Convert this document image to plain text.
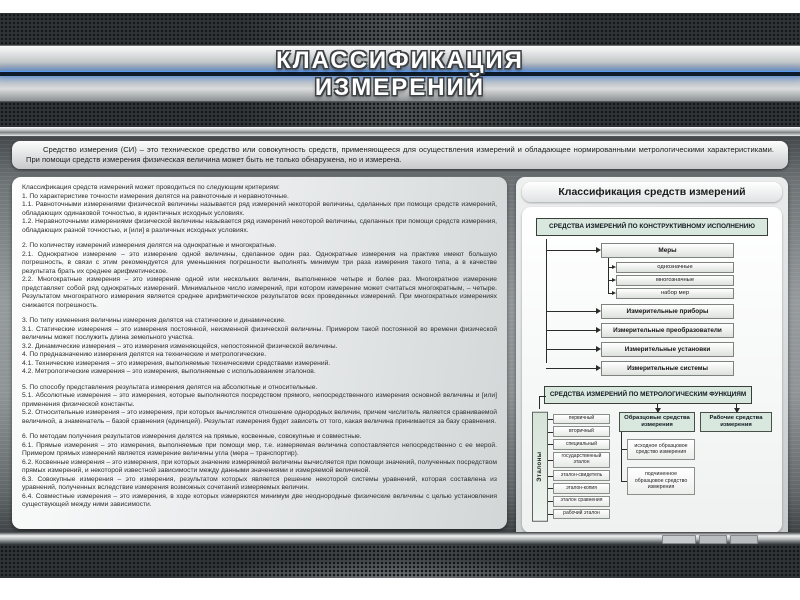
КЛАССИФИКАЦИЯ
ИЗМЕРЕНИЙ

Средство измерения (СИ) – это техническое средство или совокупность средств, применяющееся для осуществления измерений и обладающее нормированными метрологическими характеристиками. При помощи средств измерения физическая величина может быть не только обнаружена, но и измерена.

Классификация средств измерений может проводиться по следующим критериям:

1. По характеристике точности измерения делятся на равноточные и неравноточные.

1.1. Равноточными измерениями физической величины называется ряд измерений некоторой величины, сделанных при помощи средств измерений, обладающих одинаковой точностью, в идентичных исходных условиях.

1.2. Неравноточными измерениями физической величины называется ряд измерений некоторой величины, сделанных при помощи средств измерения, обладающих разной точностью, и [или] в различных исходных условиях.

2. По количеству измерений измерения делятся на однократные и многократные.

2.1. Однократное измерение – это измерение одной величины, сделанное один раз. Однократные измерения на практике имеют большую погрешность, в связи с этим рекомендуется для уменьшения погрешности выполнять минимум три раза измерения такого типа, а в качестве результата брать их среднее арифметическое.

2.2. Многократные измерения – это измерение одной или нескольких величин, выполненное четыре и более раз. Многократное измерение представляет собой ряд однократных измерений. Минимальное число измерений, при котором измерение может считаться многократным, – четыре. Результатом многократного измерения является среднее арифметическое результатов всех проведенных измерений. При многократных измерениях снижается погрешность.

3. По типу изменения величины измерения делятся на статические и динамические.

3.1. Статические измерения – это измерения постоянной, неизменной физической величины. Примером такой постоянной во времени физической величины может послужить длина земельного участка.

3.2. Динамические измерения – это измерения изменяющейся, непостоянной физической величины.

4. По предназначению измерения делятся на технические и метрологические.

4.1. Технические измерения – это измерения, выполняемые техническими средствами измерений.

4.2. Метрологические измерения – это измерения, выполняемые с использованием эталонов.

5. По способу представления результата измерения делятся на абсолютные и относительные.

5.1. Абсолютные измерения – это измерения, которые выполняются посредством прямого, непосредственного измерения основной величины и [или] применения физической константы.

5.2. Относительные измерения – это измерения, при которых вычисляется отношение однородных величин, причем числитель является сравниваемой величиной, а знаменатель – базой сравнения (единицей). Результат измерения будет зависеть от того, какая величина принимается за базу сравнения.

6. По методам получения результатов измерения делятся на прямые, косвенные, совокупные и совместные.

6.1. Прямые измерения – это измерения, выполняемые при помощи мер, т.е. измеряемая величина сопоставляется непосредственно с ее мерой. Примером прямых измерений является измерение величины угла (мера – транспортир).

6.2. Косвенные измерения – это измерения, при которых значение измеряемой величины вычисляется при помощи значений, полученных посредством прямых измерений, и некоторой известной зависимости между данными значениями и измеряемой величиной.

6.3. Совокупные измерения – это измерения, результатом которых является решение некоторой системы уравнений, которая составлена из уравнений, полученных вследствие измерения возможных сочетаний измеряемых величин.

6.4. Совместные измерения – это измерения, в ходе которых измеряются минимум две неоднородные физические величины с целью установления существующей между ними зависимости.

Классификация средств измерений
СРЕДСТВА ИЗМЕРЕНИЙ ПО КОНСТРУКТИВНОМУ ИСПОЛНЕНИЮ
Меры
однозначные
многозначные
набор мер
Измерительные приборы
Измерительные преобразователи
Измерительные установки
Измерительные системы
СРЕДСТВА ИЗМЕРЕНИЙ ПО МЕТРОЛОГИЧЕСКИМ ФУНКЦИЯМ
Эталоны
первичный
вторичный
специальный
государственный эталон
эталон-свидетель
эталон-копия
эталон сравнения
рабочий эталон
Образцовые средства измерения
исходное образцовое средство измерения
подчиненное образцовое средство измерения
Рабочие средства измерения
